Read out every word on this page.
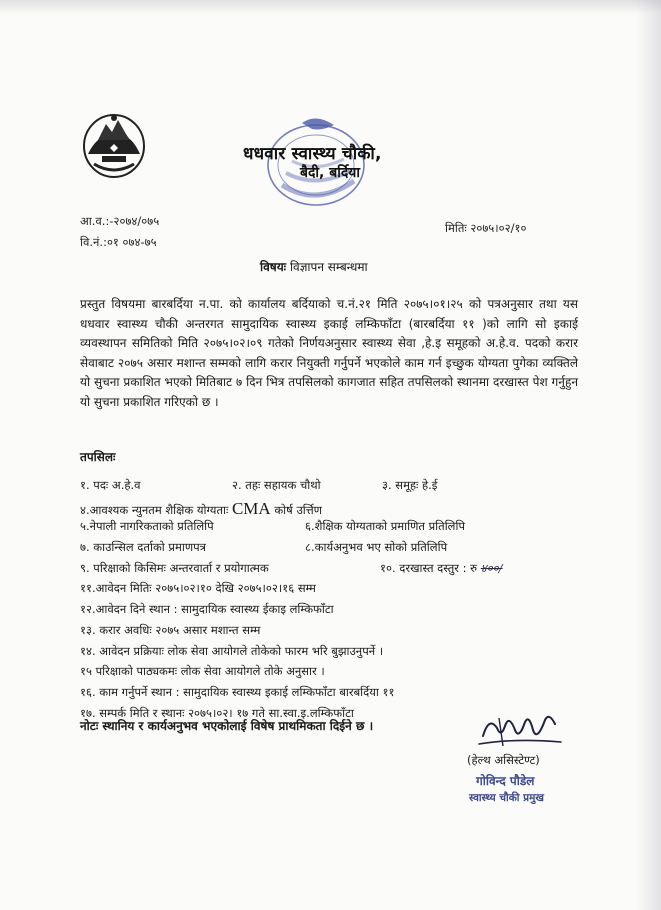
धधवार स्वास्थ्य चौकी,
बैदी, बर्दिया
आ.व.:-२०७४/०७५
वि.नं.:०१ ०७४-७५
मितिः २०७५।०२/१०
विषयः विज्ञापन सम्बन्धमा
प्रस्तुत विषयमा बारबर्दिया न.पा. को कार्यालय बर्दियाको च.नं.२१ मिति २०७५।०१।२५ को पत्रअनुसार तथा यस धधवार स्वास्थ्य चौकी अन्तरगत सामुदायिक स्वास्थ्य इकाई लम्किफाँटा (बारबर्दिया ११ )को लागि सो इकाई व्यवस्थापन समितिको मिति २०७५।०२।०९ गतेको निर्णयअनुसार स्वास्थ्य सेवा ,हे.इ समूहको अ.हे.व. पदको करार सेवाबाट २०७५ असार मशान्त सम्मको लागि करार नियुक्ती गर्नुपर्ने भएकोले काम गर्न इच्छुक योग्यता पुगेका व्यक्तिले यो सुचना प्रकाशित भएको मितिबाट ७ दिन भित्र तपसिलको कागजात सहित तपसिलको स्थानमा दरखास्त पेश गर्नुहुन यो सुचना प्रकाशित गरिएको छ ।
तपसिलः
१. पदः अ.हे.व	२. तहः सहायक चौथो	३. समूहः हे.ई
४.आवश्यक न्युनतम शैक्षिक योग्यताः CMA कोर्ष उर्त्तिण
५.नेपाली नागरिकताको प्रतिलिपि	६.शैक्षिक योग्यताको प्रमाणित प्रतिलिपि
७. काउन्सिल दर्ताको प्रमाणपत्र	८.कार्यअनुभव भए सोको प्रतिलिपि
९. परिक्षाको किसिमः अन्तरवार्ता र प्रयोगात्मक	१०. दरखास्त दस्तुर : रु ४००/
११.आवेदन मितिः २०७५।०२।१० देखि २०७५।०२।१६ सम्म
१२.आवेदन दिने स्थान : सामुदायिक स्वास्थ्य ईकाइ लम्किफाँटा
१३. करार अवधिः २०७५ असार मशान्त सम्म
१४. आवेदन प्रक्रियाः लोक सेवा आयोगले तोकेको फारम भरि बुझाउनुपर्ने ।
१५ परिक्षाको पाठ्यकमः लोक सेवा आयोगले तोके अनुसार ।
१६. काम गर्नुपर्ने स्थान : सामुदायिक स्वास्थ्य इकाई लम्किफाँटा बारबर्दिया ११
१७. सम्पर्क मिति र स्थानः २०७५।०२। १७ गते सा.स्वा.इ.लम्किफाँटा
नोटः स्थानिय र कार्यअनुभव भएकोलाई विषेष प्राथमिकता दिईने छ ।
(हेल्थ असिस्टेण्ट)
गोविन्द पौडेल
स्वास्थ्य चौकी प्रमुख
